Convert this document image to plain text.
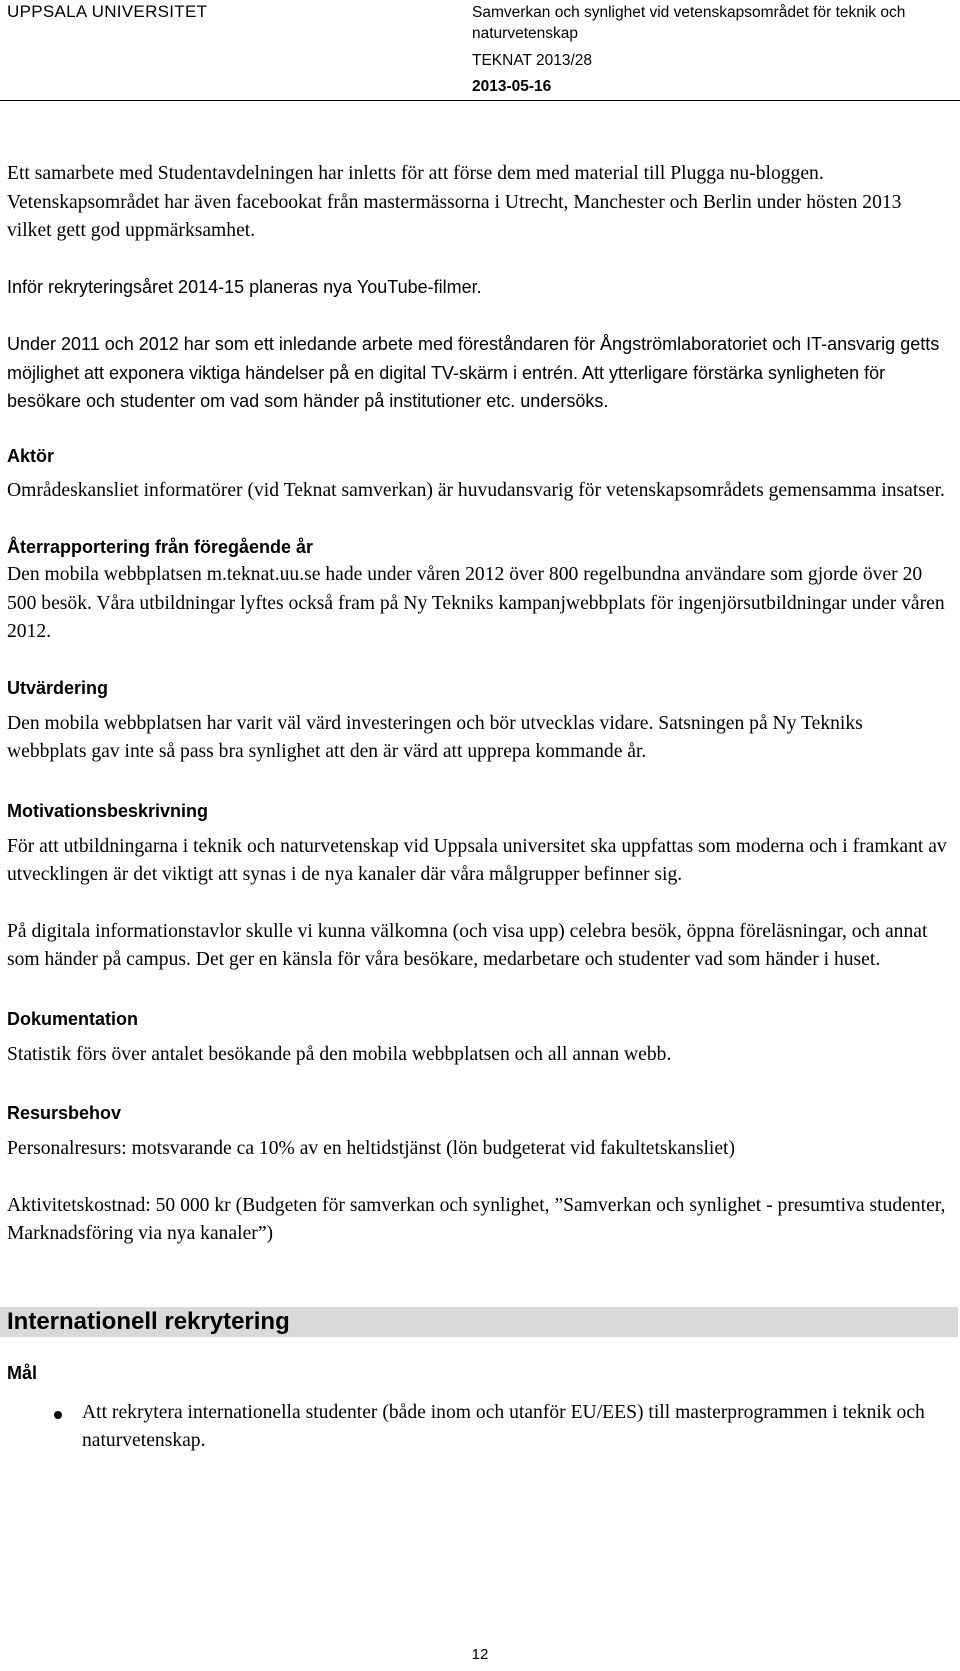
UPPSALA UNIVERSITET	Samverkan och synlighet vid vetenskapsområdet för teknik och naturvetenskap
TEKNAT 2013/28
2013-05-16

Ett samarbete med Studentavdelningen har inletts för att förse dem med material till Plugga nu-bloggen. Vetenskapsområdet har även facebookat från mastermässorna i Utrecht, Manchester och Berlin under hösten 2013 vilket gett god uppmärksamhet.

Inför rekryteringsåret 2014-15 planeras nya YouTube-filmer.

Under 2011 och 2012 har som ett inledande arbete med föreståndaren för Ångströmlaboratoriet och IT-ansvarig getts möjlighet att exponera viktiga händelser på en digital TV-skärm i entrén. Att ytterligare förstärka synligheten för besökare och studenter om vad som händer på institutioner etc. undersöks.

Aktör

Områdeskansliet informatörer (vid Teknat samverkan) är huvudansvarig för vetenskapsområdets gemensamma insatser.

Återrapportering från föregående år

Den mobila webbplatsen m.teknat.uu.se hade under våren 2012 över 800 regelbundna användare som gjorde över 20 500 besök. Våra utbildningar lyftes också fram på Ny Tekniks kampanjwebbplats för ingenjörsutbildningar under våren 2012.

Utvärdering

Den mobila webbplatsen har varit väl värd investeringen och bör utvecklas vidare. Satsningen på Ny Tekniks webbplats gav inte så pass bra synlighet att den är värd att upprepa kommande år.

Motivationsbeskrivning

För att utbildningarna i teknik och naturvetenskap vid Uppsala universitet ska uppfattas som moderna och i framkant av utvecklingen är det viktigt att synas i de nya kanaler där våra målgrupper befinner sig.

På digitala informationstavlor skulle vi kunna välkomna (och visa upp) celebra besök, öppna föreläsningar, och annat som händer på campus. Det ger en känsla för våra besökare, medarbetare och studenter vad som händer i huset.

Dokumentation

Statistik förs över antalet besökande på den mobila webbplatsen och all annan webb.

Resursbehov

Personalresurs: motsvarande ca 10% av en heltidstjänst (lön budgeterat vid fakultetskansliet)

Aktivitetskostnad: 50 000 kr (Budgeten för samverkan och synlighet, ”Samverkan och synlighet - presumtiva studenter, Marknadsföring via nya kanaler”)

Internationell rekrytering
Mål
Att rekrytera internationella studenter (både inom och utanför EU/EES) till masterprogrammen i teknik och naturvetenskap.
12
